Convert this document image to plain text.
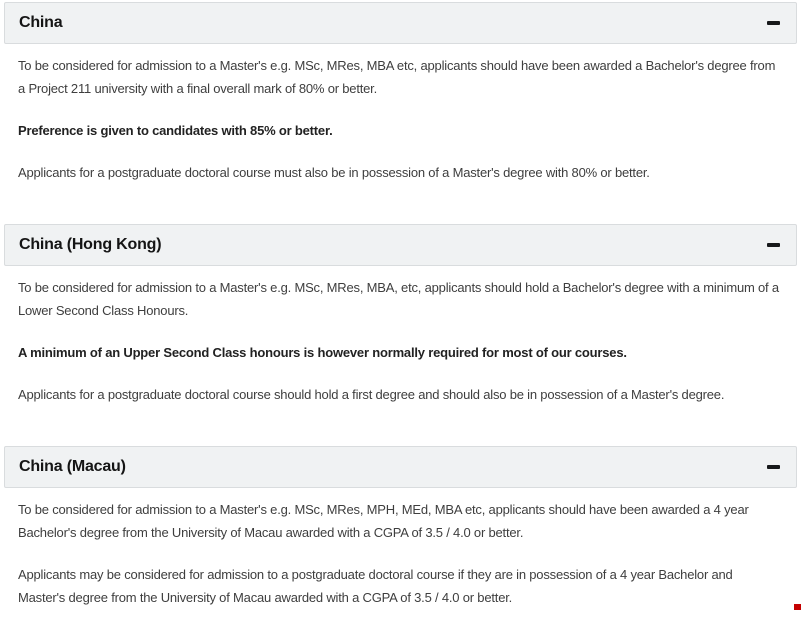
China

To be considered for admission to a Master's e.g. MSc, MRes, MBA etc, applicants should have been awarded a Bachelor's degree from a Project 211 university with a final overall mark of 80% or better.

Preference is given to candidates with 85% or better.

Applicants for a postgraduate doctoral course must also be in possession of a Master's degree with 80% or better.

China (Hong Kong)

To be considered for admission to a Master's e.g. MSc, MRes, MBA, etc, applicants should hold a Bachelor's degree with a minimum of a Lower Second Class Honours.

A minimum of an Upper Second Class honours is however normally required for most of our courses.

Applicants for a postgraduate doctoral course should hold a first degree and should also be in possession of a Master's degree.

China (Macau)

To be considered for admission to a Master's e.g. MSc, MRes, MPH, MEd, MBA etc, applicants should have been awarded a 4 year Bachelor's degree from the University of Macau awarded with a CGPA of 3.5 / 4.0 or better.

Applicants may be considered for admission to a postgraduate doctoral course if they are in possession of a 4 year Bachelor and Master's degree from the University of Macau awarded with a CGPA of 3.5 / 4.0 or better.
